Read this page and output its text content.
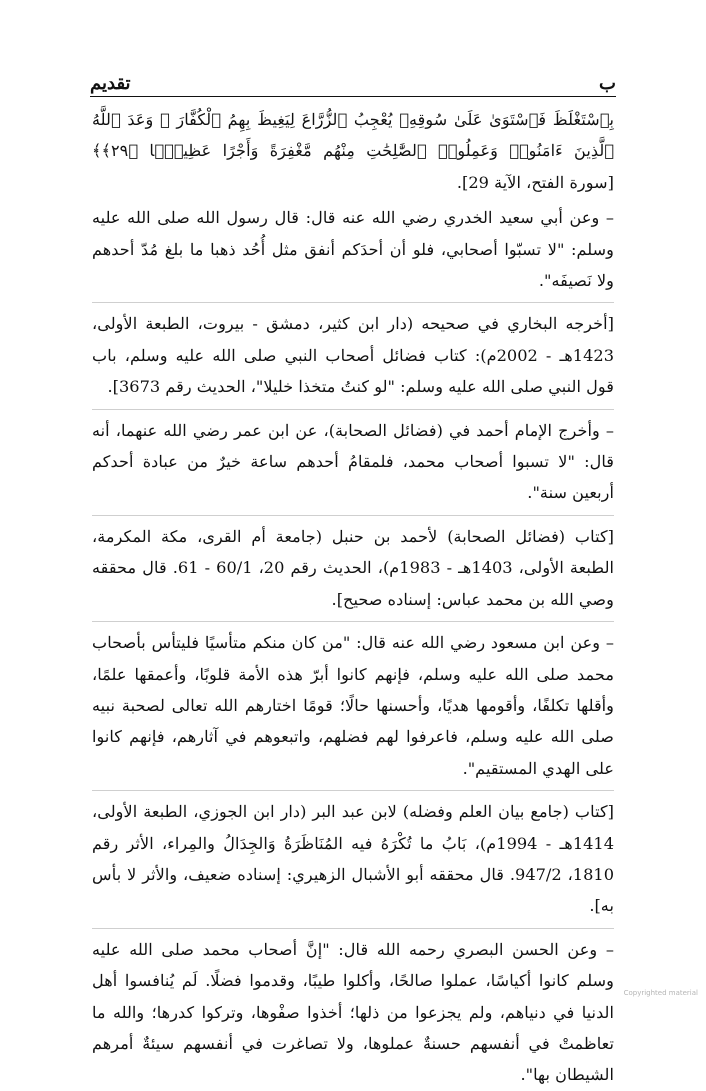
تقديم	ب

بِٱسْتَغْلَظَ فَٱسْتَوَىٰ عَلَىٰ سُوقِهِۦ يُعْجِبُ ٱلزُّرَّاعَ لِيَغِيظَ بِهِمُ ٱلْكُفَّارَ ۗ وَعَدَ ٱللَّهُ ٱلَّذِينَ ءَامَنُوا۟ وَعَمِلُوا۟ ٱلصَّٰلِحَٰتِ مِنْهُم مَّغْفِرَةً وَأَجْرًا عَظِيمًۢا ﴿٢٩﴾﴾ [سورة الفتح، الآية 29].

– وعن أبي سعيد الخدري رضي الله عنه قال: قال رسول الله صلى الله عليه وسلم: "لا تسبّوا أصحابي، فلو أن أحدَكم أنفق مثل أُحُد ذهبا ما بلغ مُدّ أحدهم ولا نَصيفَه".

[أخرجه البخاري في صحيحه (دار ابن كثير، دمشق - بيروت، الطبعة الأولى، 1423هـ - 2002م): كتاب فضائل أصحاب النبي صلى الله عليه وسلم، باب قول النبي صلى الله عليه وسلم: "لو كنتُ متخذا خليلا"، الحديث رقم 3673].

– وأخرج الإمام أحمد في (فضائل الصحابة)، عن ابن عمر رضي الله عنهما، أنه قال: "لا تسبوا أصحاب محمد، فلمقامُ أحدهم ساعة خيرٌ من عبادة أحدكم أربعين سنة".

[كتاب (فضائل الصحابة) لأحمد بن حنبل (جامعة أم القرى، مكة المكرمة، الطبعة الأولى، 1403هـ - 1983م)، الحديث رقم 20، 60/1 - 61. قال محققه وصي الله بن محمد عباس: إسناده صحيح].

– وعن ابن مسعود رضي الله عنه قال: "من كان منكم متأسيًا فليتأس بأصحاب محمد صلى الله عليه وسلم، فإنهم كانوا أبرّ هذه الأمة قلوبًا، وأعمقها علمًا، وأقلها تكلفًا، وأقومها هديًا، وأحسنها حالًا؛ قومًا اختارهم الله تعالى لصحبة نبيه صلى الله عليه وسلم، فاعرفوا لهم فضلهم، واتبعوهم في آثارهم، فإنهم كانوا على الهدي المستقيم".

[كتاب (جامع بيان العلم وفضله) لابن عبد البر (دار ابن الجوزي، الطبعة الأولى، 1414هـ - 1994م)، بَابُ ما تُكْرَهُ فيه المُنَاظَرَةُ وَالجِدَالُ والمِراء، الأثر رقم 1810، 947/2. قال محققه أبو الأشبال الزهيري: إسناده ضعيف، والأثر لا بأس به].

– وعن الحسن البصري رحمه الله قال: "إنَّ أصحاب محمد صلى الله عليه وسلم كانوا أكياسًا، عملوا صالحًا، وأكلوا طيبًا، وقدموا فضلًا. لَم يُنافسوا أهل الدنيا في دنياهم، ولم يجزعوا من ذلها؛ أخذوا صفْوها، وتركوا كدرها؛ والله ما تعاظمتْ في أنفسهم حسنةٌ عملوها، ولا تصاغرت في أنفسهم سيئةٌ أمرهم الشيطان بها".

Copyrighted material
